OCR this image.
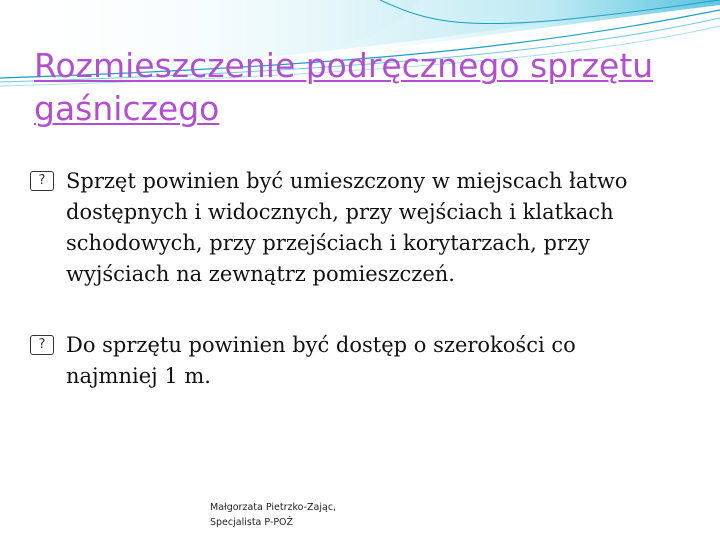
Rozmieszczenie podręcznego sprzętu gaśniczego
? Sprzęt powinien być umieszczony w miejscach łatwo dostępnych i widocznych, przy wejściach i klatkach schodowych, przy przejściach i korytarzach, przy wyjściach na zewnątrz pomieszczeń.
? Do sprzętu powinien być dostęp o szerokości co najmniej 1 m.
Małgorzata Pietrzko-Zając,
Specjalista P-POŻ
